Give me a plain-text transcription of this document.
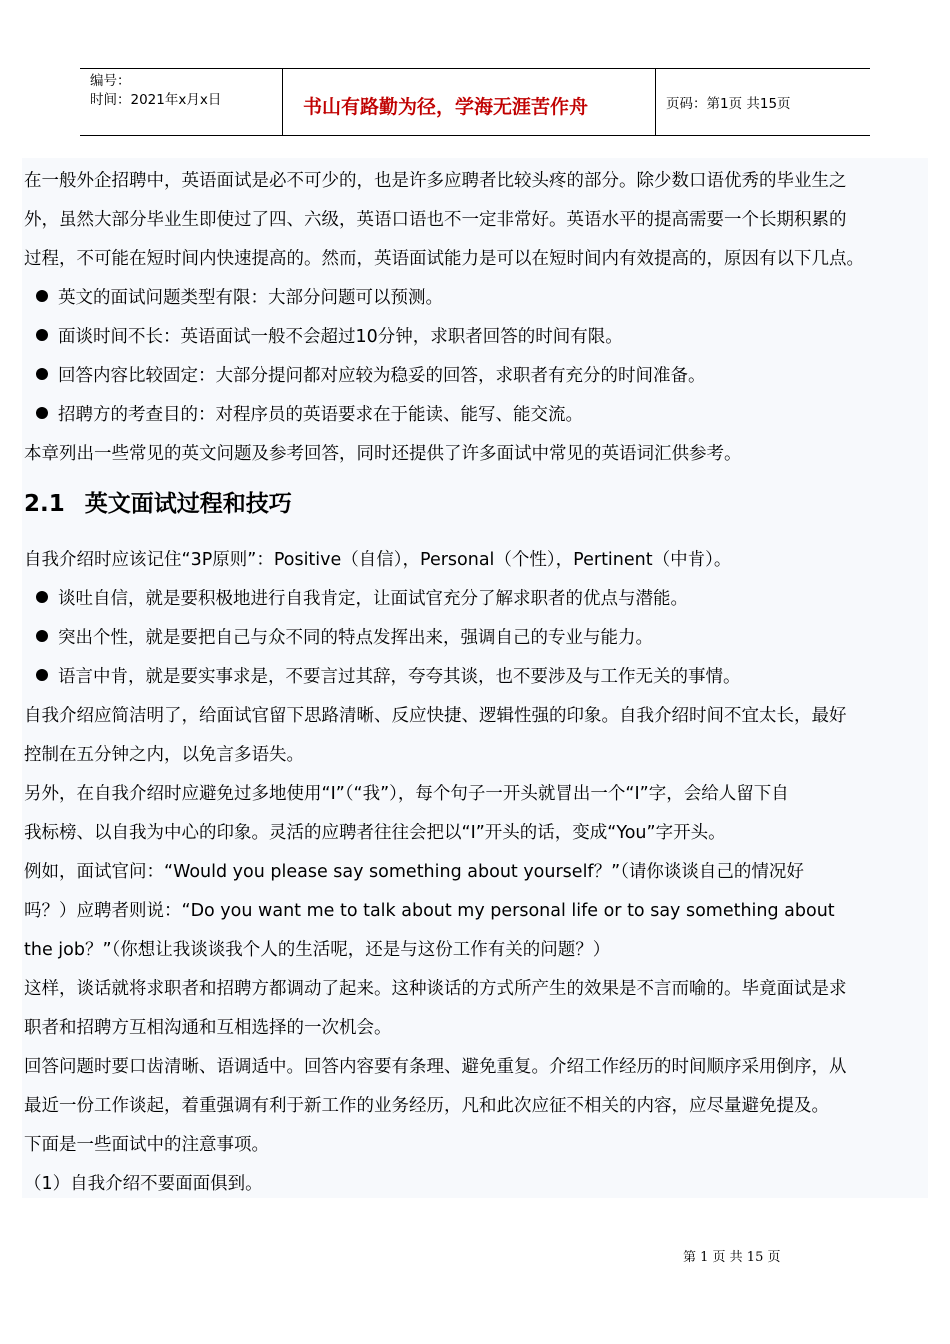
编号：
时间：2021年x月x日	书山有路勤为径，学海无涯苦作舟	页码：第1页 共15页
在一般外企招聘中，英语面试是必不可少的，也是许多应聘者比较头疼的部分。除少数口语优秀的毕业生之
外，虽然大部分毕业生即使过了四、六级，英语口语也不一定非常好。英语水平的提高需要一个长期积累的
过程，不可能在短时间内快速提高的。然而，英语面试能力是可以在短时间内有效提高的，原因有以下几点。
英文的面试问题类型有限：大部分问题可以预测。
面谈时间不长：英语面试一般不会超过10分钟，求职者回答的时间有限。
回答内容比较固定：大部分提问都对应较为稳妥的回答，求职者有充分的时间准备。
招聘方的考查目的：对程序员的英语要求在于能读、能写、能交流。
本章列出一些常见的英文问题及参考回答，同时还提供了许多面试中常见的英语词汇供参考。
2.1 英文面试过程和技巧
自我介绍时应该记住“3P原则”：Positive（自信），Personal（个性），Pertinent（中肯）。
谈吐自信，就是要积极地进行自我肯定，让面试官充分了解求职者的优点与潜能。
突出个性，就是要把自己与众不同的特点发挥出来，强调自己的专业与能力。
语言中肯，就是要实事求是，不要言过其辞，夸夸其谈，也不要涉及与工作无关的事情。
自我介绍应简洁明了，给面试官留下思路清晰、反应快捷、逻辑性强的印象。自我介绍时间不宜太长，最好
控制在五分钟之内，以免言多语失。
另外，在自我介绍时应避免过多地使用“I”（“我”），每个句子一开头就冒出一个“I”字，会给人留下自
我标榜、以自我为中心的印象。灵活的应聘者往往会把以“I”开头的话，变成“You”字开头。
例如，面试官问：“Would you please say something about yourself？”（请你谈谈自己的情况好
吗？）应聘者则说：“Do you want me to talk about my personal life or to say something about
the job？”（你想让我谈谈我个人的生活呢，还是与这份工作有关的问题？）
这样，谈话就将求职者和招聘方都调动了起来。这种谈话的方式所产生的效果是不言而喻的。毕竟面试是求
职者和招聘方互相沟通和互相选择的一次机会。
回答问题时要口齿清晰、语调适中。回答内容要有条理、避免重复。介绍工作经历的时间顺序采用倒序，从
最近一份工作谈起，着重强调有利于新工作的业务经历，凡和此次应征不相关的内容，应尽量避免提及。
下面是一些面试中的注意事项。
（1）自我介绍不要面面俱到。
第 1 页 共 15 页
